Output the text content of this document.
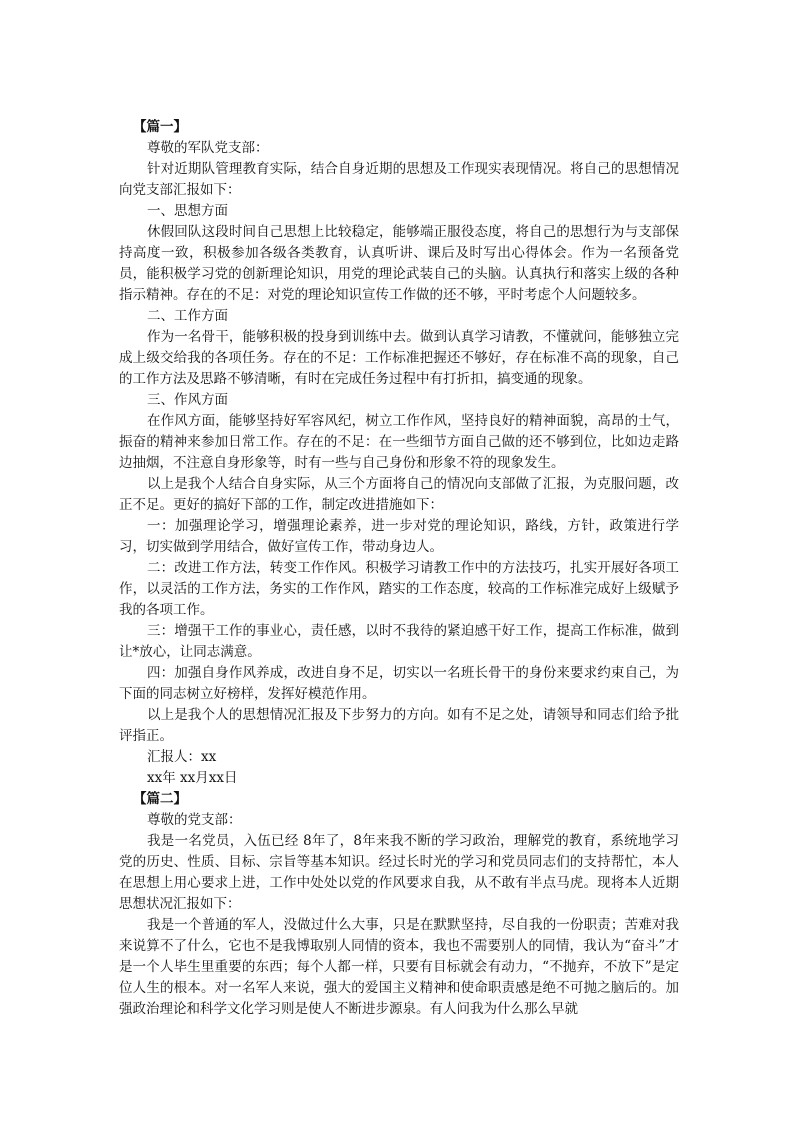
【篇一】

尊敬的军队党支部：

针对近期队管理教育实际，结合自身近期的思想及工作现实表现情况。将自己的思想情况向党支部汇报如下：

一、思想方面

休假回队这段时间自己思想上比较稳定，能够端正服役态度，将自己的思想行为与支部保持高度一致，积极参加各级各类教育，认真听讲、课后及时写出心得体会。作为一名预备党员，能积极学习党的创新理论知识，用党的理论武装自己的头脑。认真执行和落实上级的各种指示精神。存在的不足：对党的理论知识宣传工作做的还不够，平时考虑个人问题较多。

二、工作方面

作为一名骨干，能够积极的投身到训练中去。做到认真学习请教，不懂就问，能够独立完成上级交给我的各项任务。存在的不足：工作标准把握还不够好，存在标准不高的现象，自己的工作方法及思路不够清晰，有时在完成任务过程中有打折扣，搞变通的现象。

三、作风方面

在作风方面，能够坚持好军容风纪，树立工作作风，坚持良好的精神面貌，高昂的士气，振奋的精神来参加日常工作。存在的不足：在一些细节方面自己做的还不够到位，比如边走路边抽烟，不注意自身形象等，时有一些与自己身份和形象不符的现象发生。

以上是我个人结合自身实际，从三个方面将自己的情况向支部做了汇报，为克服问题，改正不足。更好的搞好下部的工作，制定改进措施如下：

一：加强理论学习，增强理论素养，进一步对党的理论知识，路线，方针，政策进行学习，切实做到学用结合，做好宣传工作，带动身边人。

二：改进工作方法，转变工作作风。积极学习请教工作中的方法技巧，扎实开展好各项工作，以灵活的工作方法，务实的工作作风，踏实的工作态度，较高的工作标准完成好上级赋予我的各项工作。

三：增强干工作的事业心，责任感，以时不我待的紧迫感干好工作，提高工作标准，做到让*放心，让同志满意。

四：加强自身作风养成，改进自身不足，切实以一名班长骨干的身份来要求约束自己，为下面的同志树立好榜样，发挥好模范作用。

以上是我个人的思想情况汇报及下步努力的方向。如有不足之处，请领导和同志们给予批评指正。

汇报人：xx

xx年 xx月xx日

【篇二】

尊敬的党支部：

我是一名党员，入伍已经 8年了，8年来我不断的学习政治，理解党的教育，系统地学习党的历史、性质、目标、宗旨等基本知识。经过长时光的学习和党员同志们的支持帮忙，本人在思想上用心要求上进，工作中处处以党的作风要求自我，从不敢有半点马虎。现将本人近期思想状况汇报如下：

我是一个普通的军人，没做过什么大事，只是在默默坚持，尽自我的一份职责；苦难对我来说算不了什么，它也不是我博取别人同情的资本，我也不需要别人的同情，我认为“奋斗”才是一个人毕生里重要的东西；每个人都一样，只要有目标就会有动力，“不抛弃，不放下”是定位人生的根本。对一名军人来说，强大的爱国主义精神和使命职责感是绝不可抛之脑后的。加强政治理论和科学文化学习则是使人不断进步源泉。有人问我为什么那么早就
